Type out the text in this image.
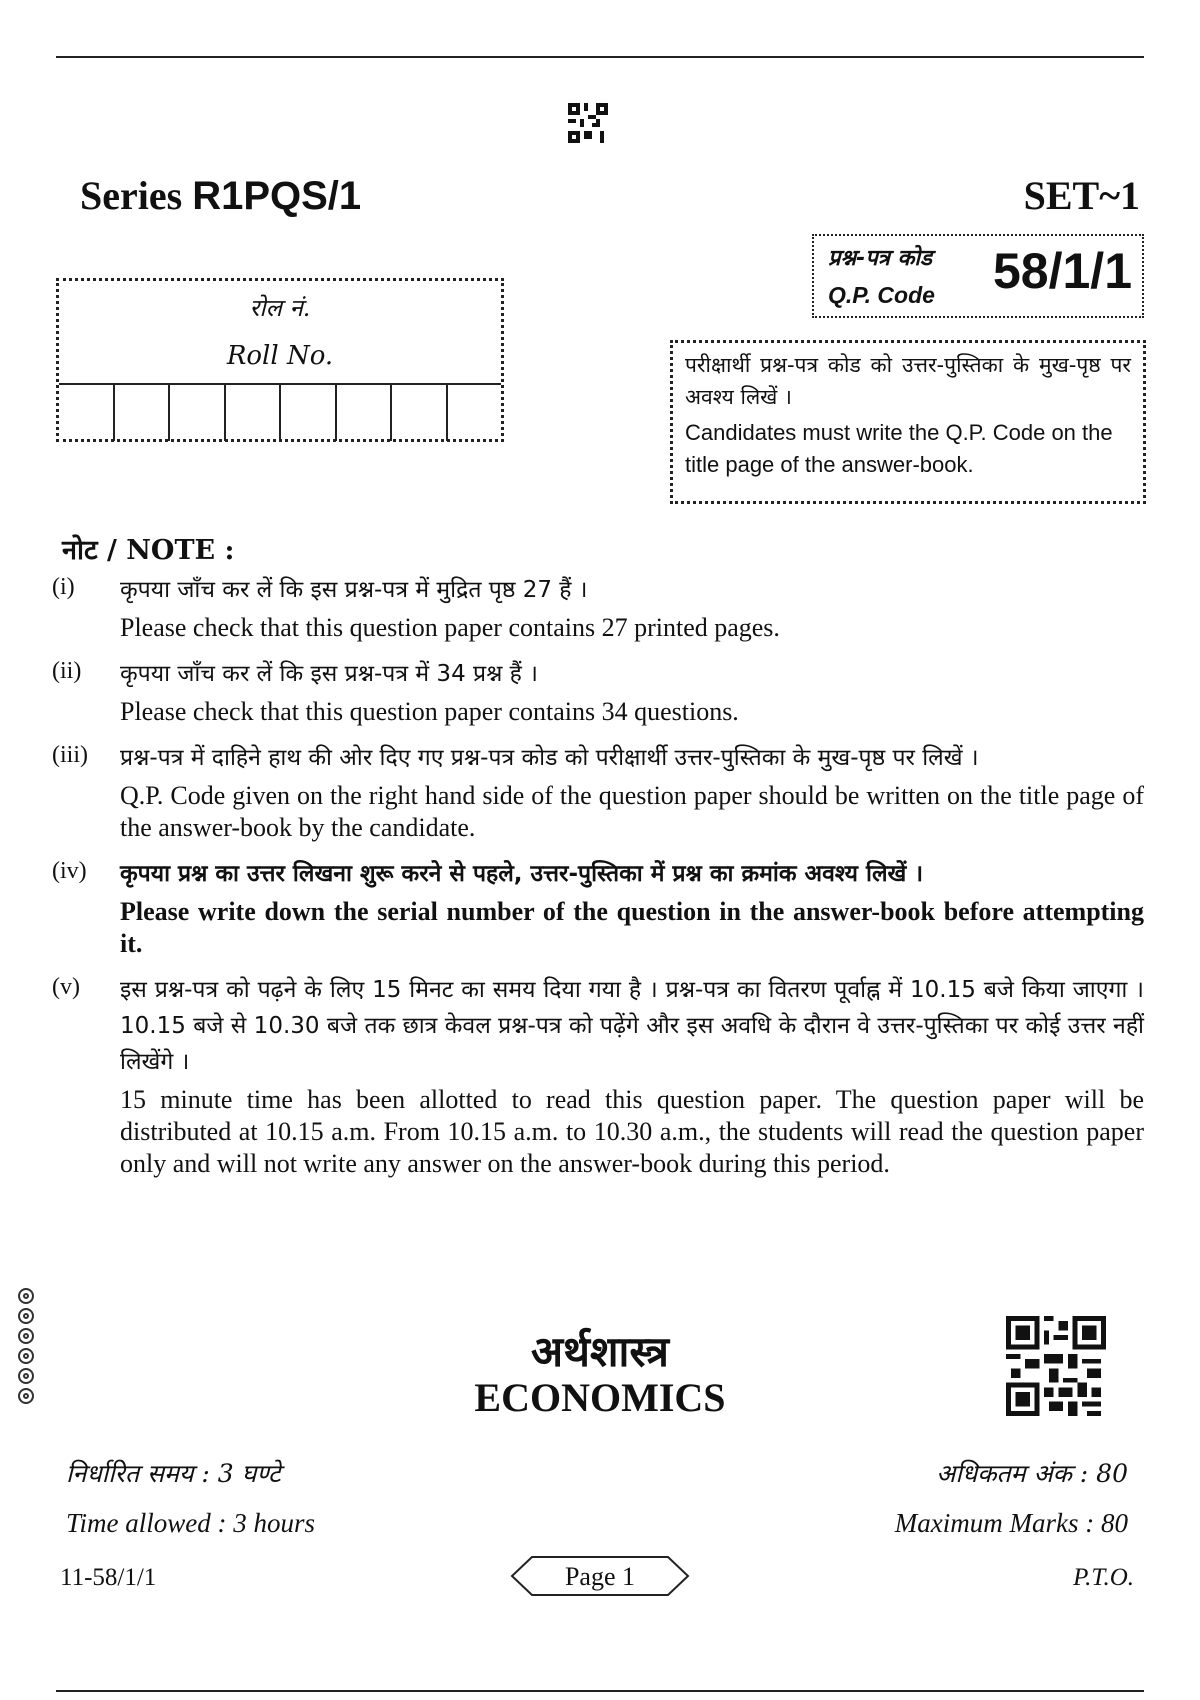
Series R1PQS/1	SET~1
रोल नं.
Roll No.
प्रश्न-पत्र कोड
Q.P. Code 58/1/1
परीक्षार्थी प्रश्न-पत्र कोड को उत्तर-पुस्तिका के मुख-पृष्ठ पर अवश्य लिखें ।
Candidates must write the Q.P. Code on the title page of the answer-book.
नोट / NOTE :
(i)	कृपया जाँच कर लें कि इस प्रश्न-पत्र में मुद्रित पृष्ठ 27 हैं ।
Please check that this question paper contains 27 printed pages.
(ii)	कृपया जाँच कर लें कि इस प्रश्न-पत्र में 34 प्रश्न हैं ।
Please check that this question paper contains 34 questions.
(iii)	प्रश्न-पत्र में दाहिने हाथ की ओर दिए गए प्रश्न-पत्र कोड को परीक्षार्थी उत्तर-पुस्तिका के मुख-पृष्ठ पर लिखें ।
Q.P. Code given on the right hand side of the question paper should be written on the title page of the answer-book by the candidate.
(iv)	कृपया प्रश्न का उत्तर लिखना शुरू करने से पहले, उत्तर-पुस्तिका में प्रश्न का क्रमांक अवश्य लिखें ।
Please write down the serial number of the question in the answer-book before attempting it.
(v)	इस प्रश्न-पत्र को पढ़ने के लिए 15 मिनट का समय दिया गया है । प्रश्न-पत्र का वितरण पूर्वाह्न में 10.15 बजे किया जाएगा । 10.15 बजे से 10.30 बजे तक छात्र केवल प्रश्न-पत्र को पढ़ेंगे और इस अवधि के दौरान वे उत्तर-पुस्तिका पर कोई उत्तर नहीं लिखेंगे ।
15 minute time has been allotted to read this question paper. The question paper will be distributed at 10.15 a.m. From 10.15 a.m. to 10.30 a.m., the students will read the question paper only and will not write any answer on the answer-book during this period.
अर्थशास्त्र
ECONOMICS
निर्धारित समय : 3 घण्टे
Time allowed : 3 hours
अधिकतम अंक : 80
Maximum Marks : 80
11-58/1/1	Page 1	P.T.O.
